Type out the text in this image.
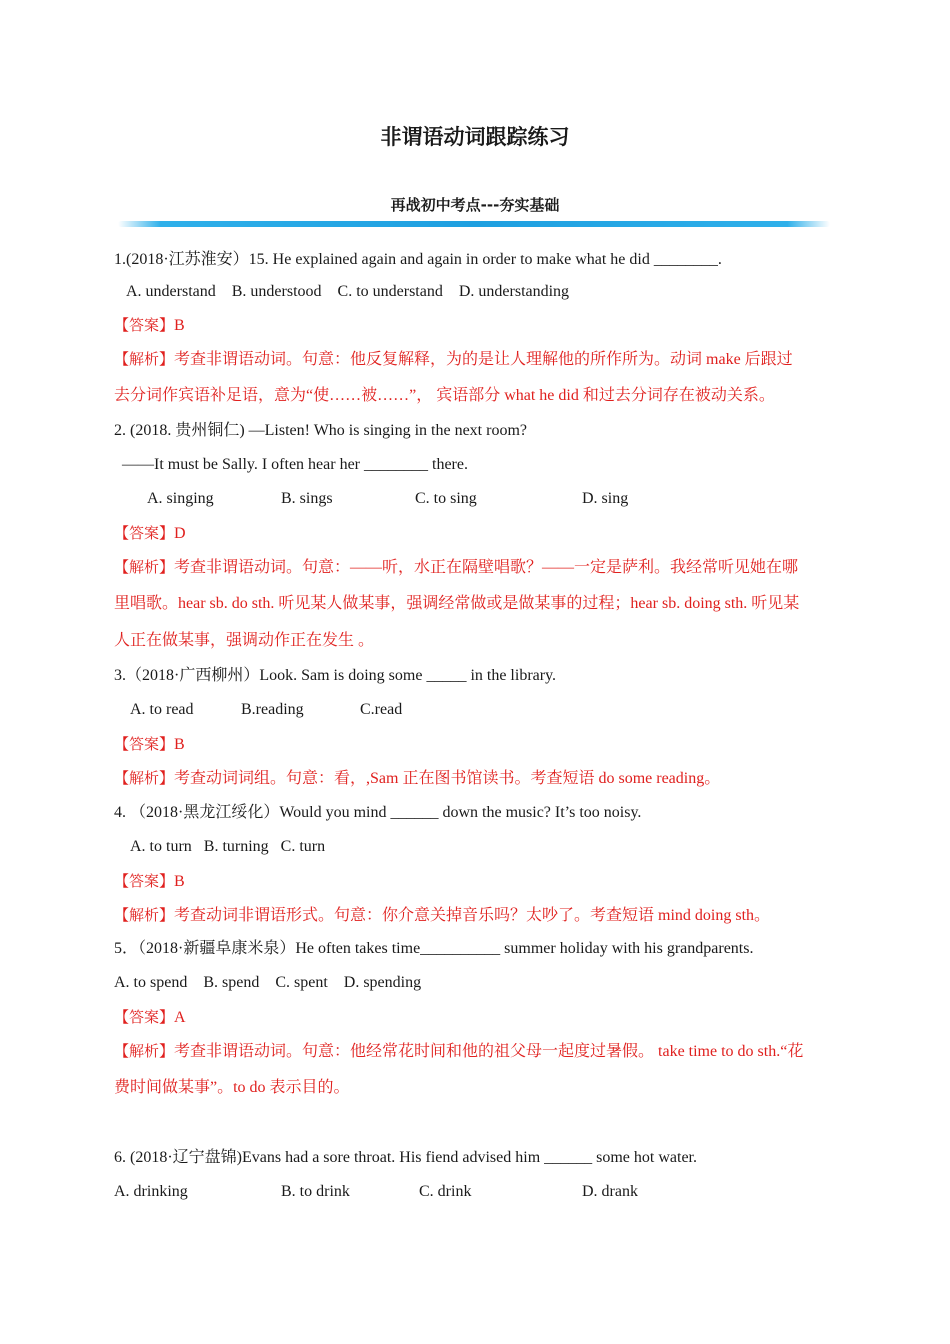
非谓语动词跟踪练习
再战初中考点---夯实基础
1.(2018·江苏淮安）15. He explained again and again in order to make what he did ________.
A. understand    B. understood    C. to understand    D. understanding
【答案】B
【解析】考查非谓语动词。句意：他反复解释，为的是让人理解他的所作所为。动词 make 后跟过
去分词作宾语补足语，意为“使……被……”， 宾语部分 what he did 和过去分词存在被动关系。
2. (2018. 贵州铜仁) —Listen! Who is singing in the next room?
——It must be Sally. I often hear her ________ there.
A. singing	B. sings	C. to sing	D. sing
【答案】D
【解析】考查非谓语动词。句意：——听，水正在隔壁唱歌？——一定是萨利。我经常听见她在哪
里唱歌。hear sb. do sth. 听见某人做某事，强调经常做或是做某事的过程；hear sb. doing sth. 听见某
人正在做某事，强调动作正在发生 。
3.（2018·广西柳州）Look. Sam is doing some _____ in the library.
A. to read	B.reading	C.read
【答案】B
【解析】考查动词词组。句意：看，,Sam 正在图书馆读书。考查短语 do some reading。
4. （2018·黑龙江绥化）Would you mind ______ down the music? It’s too noisy.
A. to turn   B. turning   C. turn
【答案】B
【解析】考查动词非谓语形式。句意：你介意关掉音乐吗？太吵了。考查短语 mind doing sth。
5．（2018·新疆阜康米泉）He often takes time__________ summer holiday with his grandparents.
A. to spend    B. spend    C. spent    D. spending
【答案】A
【解析】考查非谓语动词。句意：他经常花时间和他的祖父母一起度过暑假。 take time to do sth.“花
费时间做某事”。to do 表示目的。
6. (2018·辽宁盘锦)Evans had a sore throat. His fiend advised him ______ some hot water.
A. drinking	B. to drink	C. drink	D. drank
